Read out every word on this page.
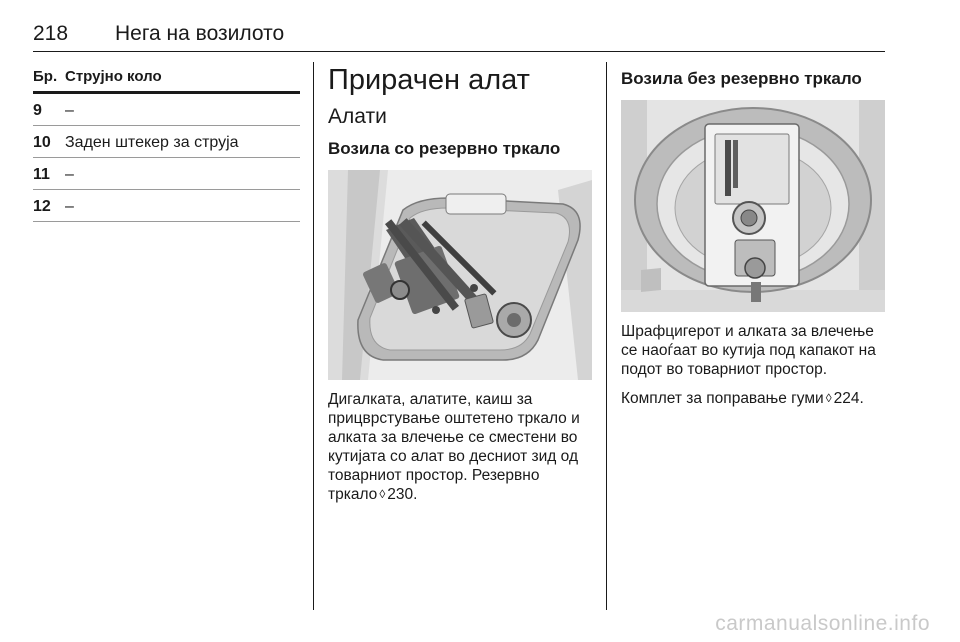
218 Нега на возилото
Бр. Струјно коло
9 –
10 Заден штекер за струја
11 –
12 –
Прирачен алат
Алати
Возила со резервно тркало
Дигалката, алатите, каиш за прицврстување оштетено тркало и алката за влечење се сместени во кутијата со алат во десниот зид од товарниот простор. Резервно тркало ◊ 230.
Возила без резервно тркало
Шрафцигерот и алката за влечење се наоѓаат во кутија под капакот на подот во товарниот простор.
Комплет за поправање гуми ◊ 224.
carmanualsonline.info
